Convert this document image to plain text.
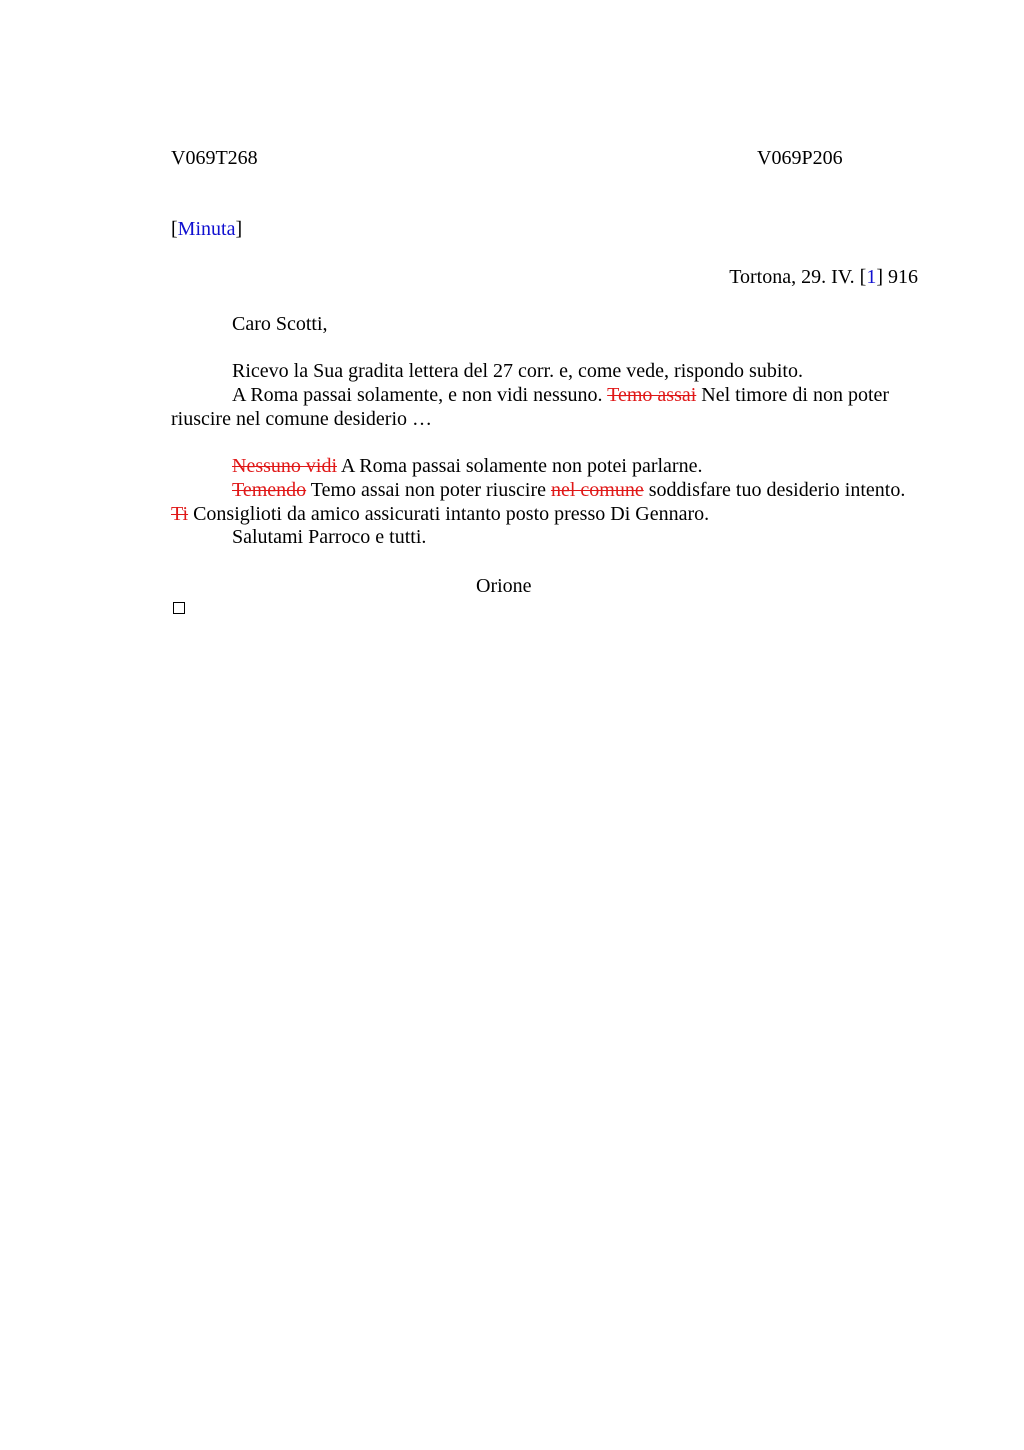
V069T268	V069P206
[Minuta]
Tortona, 29. IV. [1] 916
Caro Scotti,
Ricevo la Sua gradita lettera del 27 corr. e, come vede, rispondo subito.
A Roma passai solamente, e non vidi nessuno. Temo assai Nel timore di non poter riuscire nel comune desiderio …
Nessuno vidi A Roma passai solamente non potei parlarne.
Temendo Temo assai non poter riuscire nel comune soddisfare tuo desiderio intento. Ti Consiglioti da amico assicurati intanto posto presso Di Gennaro.
Salutami Parroco e tutti.
Orione
